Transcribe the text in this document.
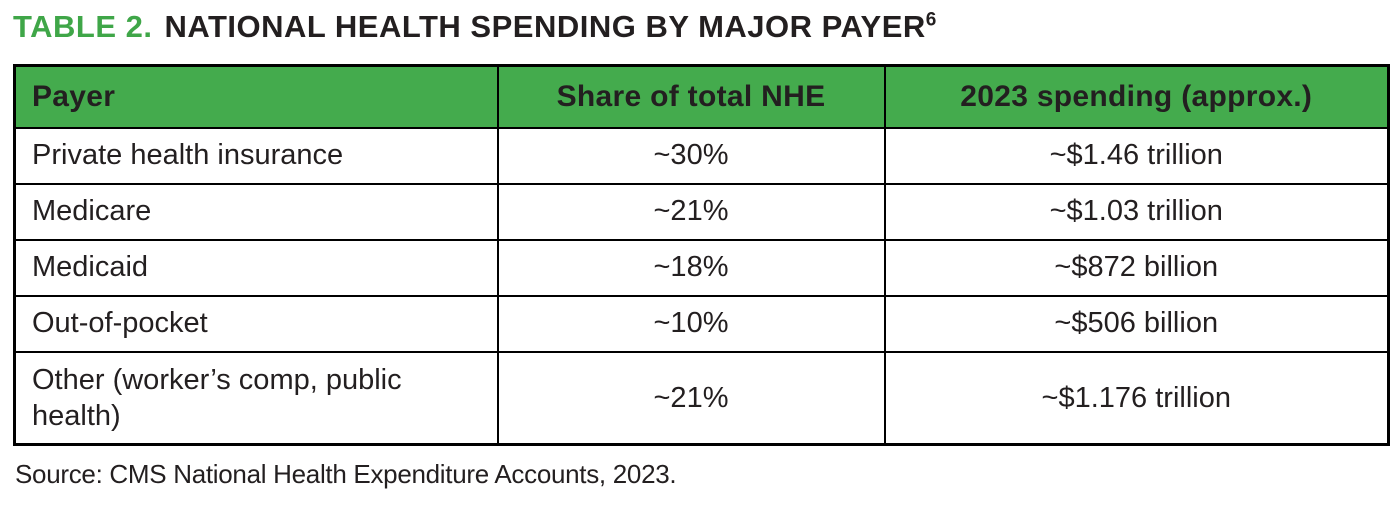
TABLE 2. NATIONAL HEALTH SPENDING BY MAJOR PAYER$^6$
Payer	Share of total NHE	2023 spending (approx.)
Private health insurance	~30%	~$1.46 trillion
Medicare	~21%	~$1.03 trillion
Medicaid	~18%	~$872 billion
Out-of-pocket	~10%	~$506 billion
Other (worker’s comp, public health)	~21%	~$1.176 trillion
Source: CMS National Health Expenditure Accounts, 2023.
